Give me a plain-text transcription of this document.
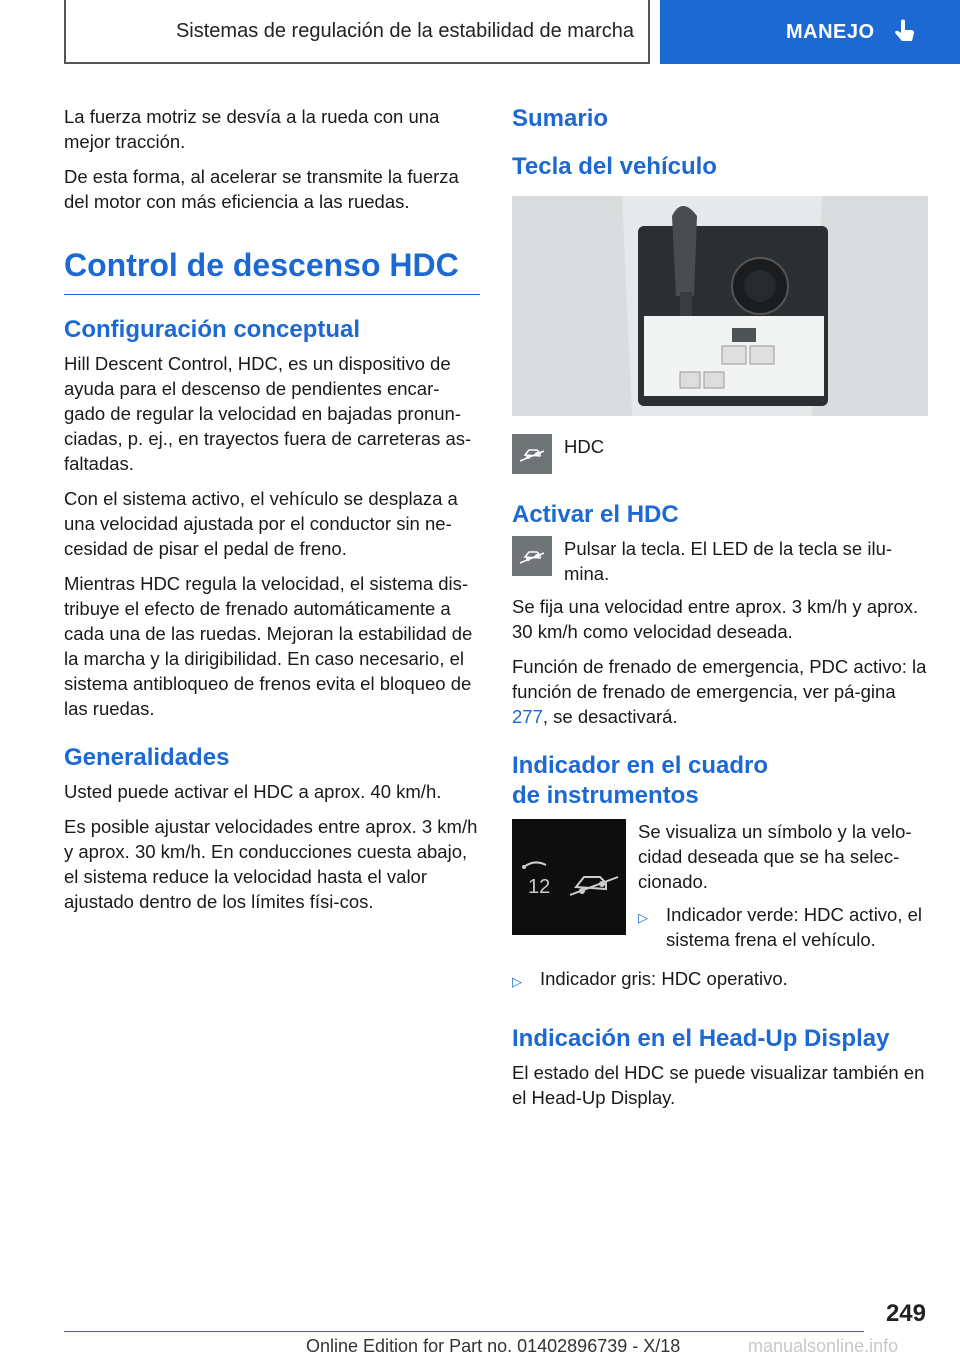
Sistemas de regulación de la estabilidad de marcha	MANEJO

La fuerza motriz se desvía a la rueda con una mejor tracción.

De esta forma, al acelerar se transmite la fuerza del motor con más eficiencia a las ruedas.

Control de descenso HDC
Configuración conceptual

Hill Descent Control, HDC, es un dispositivo de ayuda para el descenso de pendientes encar-gado de regular la velocidad en bajadas pronun-ciadas, p. ej., en trayectos fuera de carreteras as-faltadas.

Con el sistema activo, el vehículo se desplaza a una velocidad ajustada por el conductor sin ne-cesidad de pisar el pedal de freno.

Mientras HDC regula la velocidad, el sistema dis-tribuye el efecto de frenado automáticamente a cada una de las ruedas. Mejoran la estabilidad de la marcha y la dirigibilidad. En caso necesario, el sistema antibloqueo de frenos evita el bloqueo de las ruedas.

Generalidades

Usted puede activar el HDC a aprox. 40 km/h.

Es posible ajustar velocidades entre aprox. 3 km/h y aprox. 30 km/h. En conducciones cuesta abajo, el sistema reduce la velocidad hasta el valor ajustado dentro de los límites físi-cos.

Sumario
Tecla del vehículo
HDC
Activar el HDC
Pulsar la tecla. El LED de la tecla se ilu-mina.

Se fija una velocidad entre aprox. 3 km/h y aprox. 30 km/h como velocidad deseada.

Función de frenado de emergencia, PDC activo: la función de frenado de emergencia, ver pá-gina 277, se desactivará.

Indicador en el cuadro
de instrumentos
12
Se visualiza un símbolo y la velo-cidad deseada que se ha selec-cionado.
▷ Indicador verde: HDC activo, el sistema frena el vehículo.
▷ Indicador gris: HDC operativo.
Indicación en el Head-Up Display

El estado del HDC se puede visualizar también en el Head-Up Display.

249
Online Edition for Part no. 01402896739 - X/18	manualsonline.info
